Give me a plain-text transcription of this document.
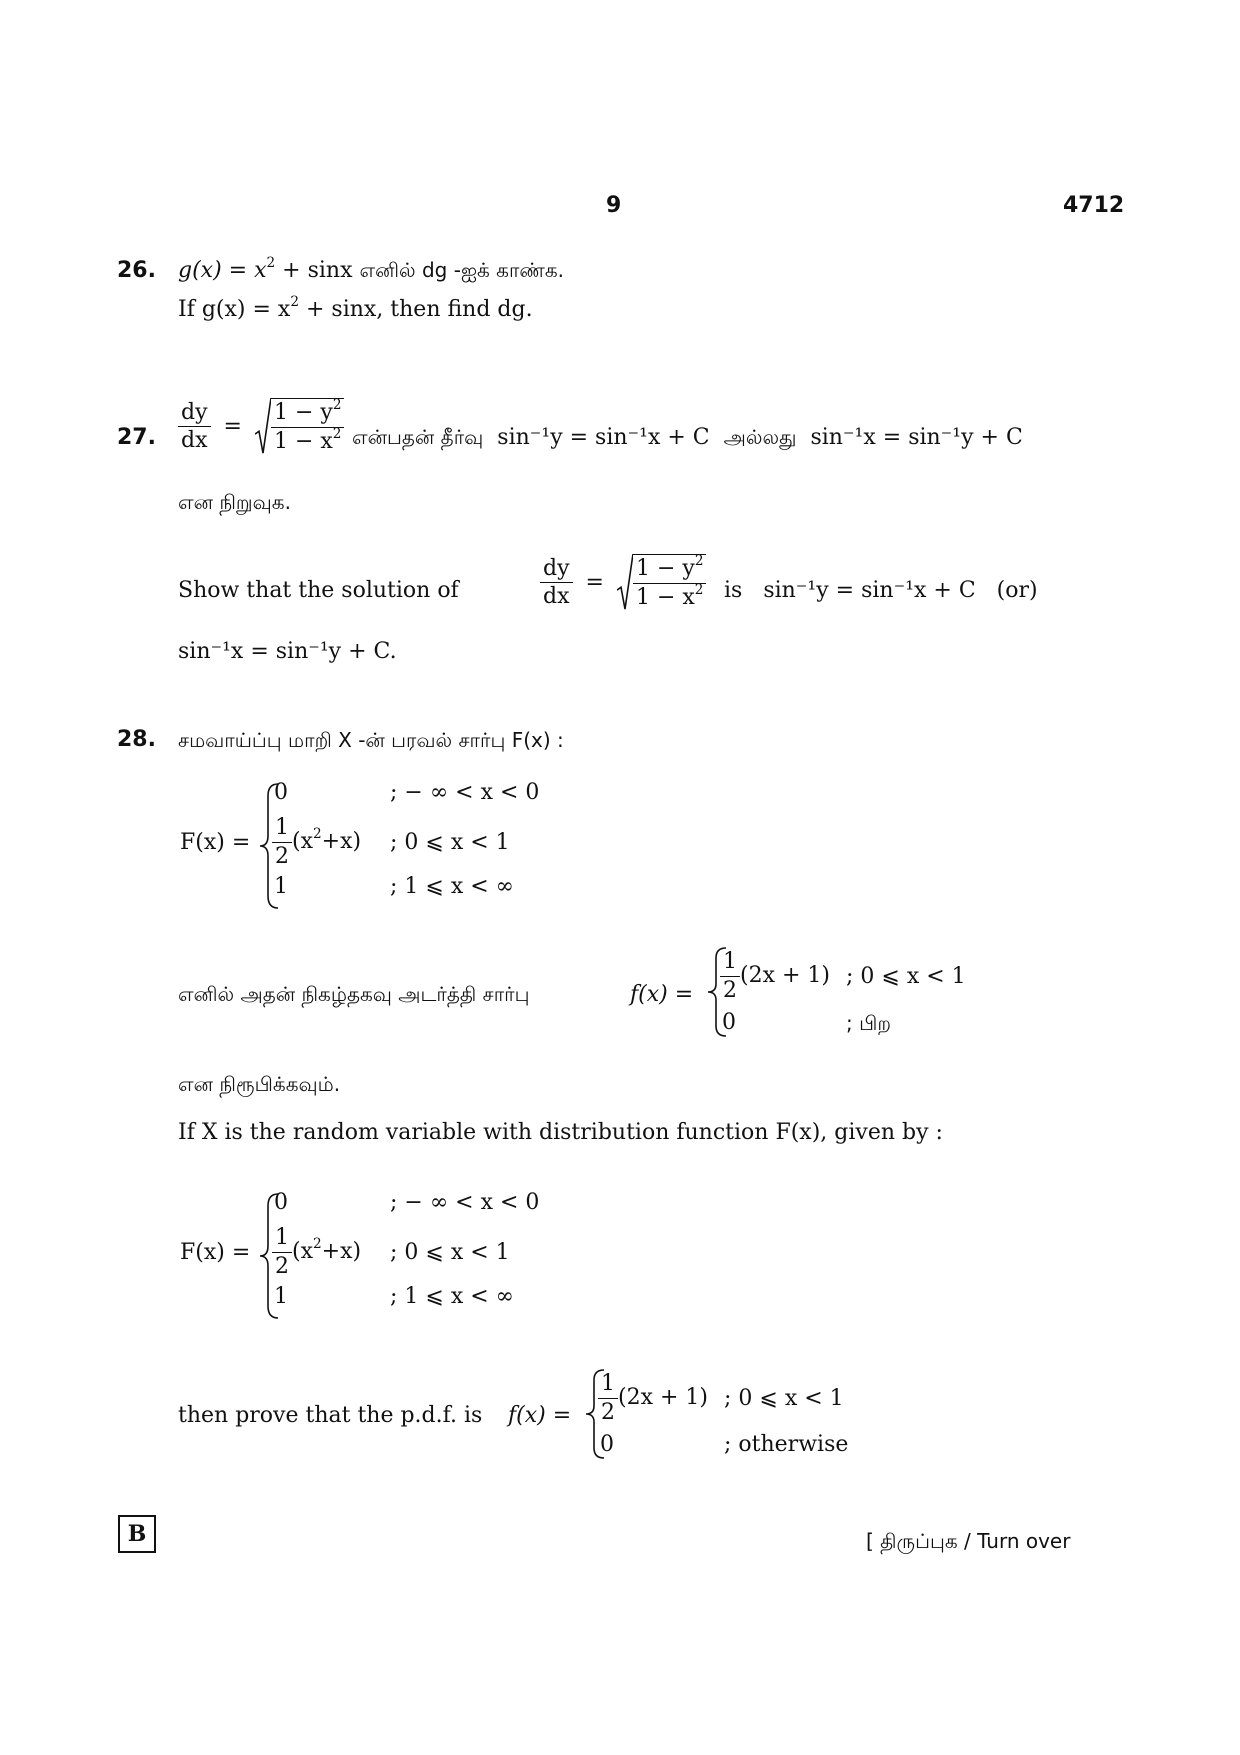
9	4712
26. $g(x) = x^2 + \sin x$ எனில் dg -ஐக் காண்க.
If $g(x) = x^2 + \sin x$, then find dg.
27. $\frac{dy}{dx} = \frac{1 - y^2}{1 - x^2}$ என்பதன் தீர்வு sin⁻¹y = sin⁻¹x + C அல்லது sin⁻¹x = sin⁻¹y + C
என நிறுவுக.
Show that the solution of	$\frac{dy}{dx} = \frac{1 - y^2}{1 - x^2}$ is sin⁻¹y = sin⁻¹x + C (or)
sin⁻¹x = sin⁻¹y + C.
28. சமவாய்ப்பு மாறி X -ன் பரவல் சார்பு F(x) :
F(x) =
0	; − ∞ < x < 0
$\frac{1}{2} (x^2+x)$ ; 0 ⩽ x < 1
1	; 1 ⩽ x < ∞
எனில் அதன் நிகழ்தகவு அடர்த்தி சார்பு	$f(x) = \frac{1}{2} (2x + 1)$ ; 0 ⩽ x < 1
0	; பிற
என நிரூபிக்கவும்.
If X is the random variable with distribution function F(x), given by :
F(x) =
0	; − ∞ < x < 0
$\frac{1}{2} (x^2+x)$ ; 0 ⩽ x < 1
1	; 1 ⩽ x < ∞
then prove that the p.d.f. is $f(x) = \frac{1}{2} (2x + 1)$ ; 0 ⩽ x < 1
0	; otherwise
B	[ திருப்புக / Turn over
